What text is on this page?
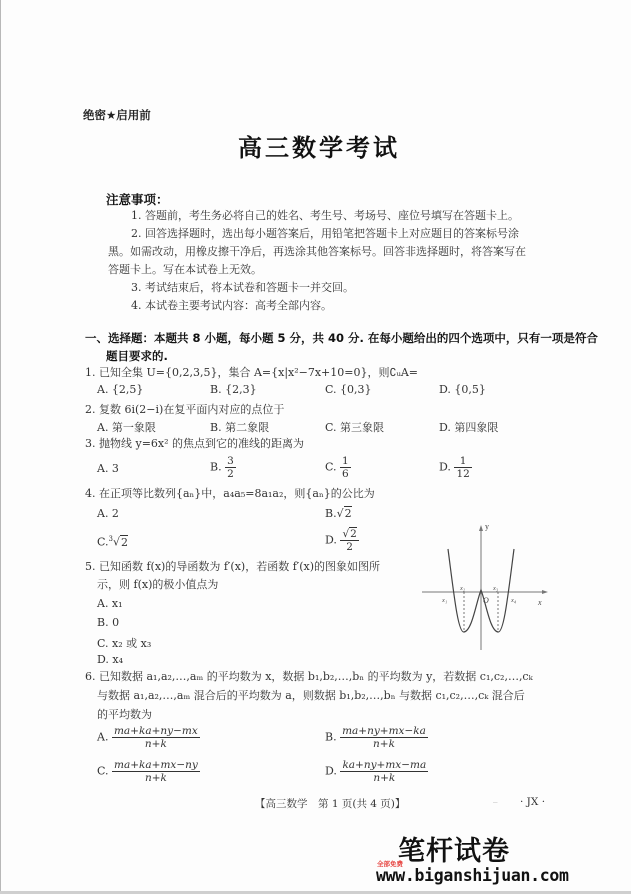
绝密★启用前
高三数学考试
注意事项：
1. 答题前，考生务必将自己的姓名、考生号、考场号、座位号填写在答题卡上。
2. 回答选择题时，选出每小题答案后，用铅笔把答题卡上对应题目的答案标号涂
黑。如需改动，用橡皮擦干净后，再选涂其他答案标号。回答非选择题时，将答案写在
答题卡上。写在本试卷上无效。
3. 考试结束后，将本试卷和答题卡一并交回。
4. 本试卷主要考试内容：高考全部内容。
一、选择题：本题共 8 小题，每小题 5 分，共 40 分. 在每小题给出的四个选项中，只有一项是符合
题目要求的.
1. 已知全集 U={0,2,3,5}，集合 A={x|x²−7x+10=0}，则∁ᵤA=
A. {2,5}	B. {2,3}	C. {0,3}	D. {0,5}
2. 复数 6i(2−i)在复平面内对应的点位于
A. 第一象限	B. 第二象限	C. 第三象限	D. 第四象限
3. 抛物线 y=6x² 的焦点到它的准线的距离为
A. 3	B. $\frac{3}{2}$	C. $\frac{1}{6}$	D. $\frac{1}{12}$
4. 在正项等比数列{aₙ}中，a₄a₅=8a₁a₂，则{aₙ}的公比为
A. 2	B.√2
C.$^3$√2	D. $\frac{√2}{2}$
5. 已知函数 f(x)的导函数为 f′(x)，若函数 f′(x)的图象如图所
示，则 f(x)的极小值点为
A. x₁
B. 0
C. x₂ 或 x₃
D. x₄
y
x
O
x₁
x₂	x₃
x₄
6. 已知数据 a₁,a₂,…,aₘ 的平均数为 x，数据 b₁,b₂,…,bₙ 的平均数为 y，若数据 c₁,c₂,…,cₖ
与数据 a₁,a₂,…,aₘ 混合后的平均数为 a，则数据 b₁,b₂,…,bₙ 与数据 c₁,c₂,…,cₖ 混合后
的平均数为
A. $\frac{ma+ka+ny-mx}{n+k}$	B. $\frac{ma+ny+mx-ka}{n+k}$
C. $\frac{ma+ka+mx-ny}{n+k}$	D. $\frac{ka+ny+mx-ma}{n+k}$
【高三数学　第 1 页(共 4 页)】	_ · JX ·
笔杆试卷
全部免费
www.biganshijuan.com
